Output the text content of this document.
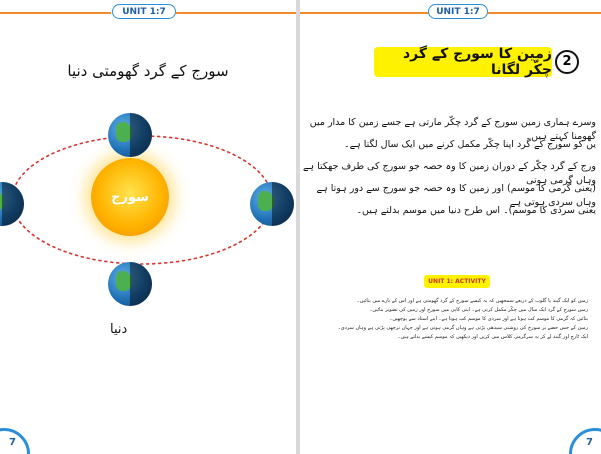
UNIT 1:7
سورج کے گرد گھومتی دنیا
سورج
دنیا
7
UNIT 1:7
زمین کا سورج کے گرد چکّر لگانا
2
وسرے ہماری زمین سورج کے گرد چکّر مارتی ہے جسے زمین کا مدار میں گھومنا کہتے ہیں۔
یں کو سورج کے گرد اپنا چکّر مکمل کرنے میں ایک سال لگتا ہے۔
ورج کے گرد چکّر کے دوران زمین کا وہ حصہ جو سورج کی طرف جھکتا ہے وہاں گرمی ہوتی
(یعنی گرمی کا موسم) اور زمین کا وہ حصہ جو سورج سے دور ہوتا ہے وہاں سردی ہوتی ہے
یعنی سردی کا موسم)۔ اس طرح دنیا میں موسم بدلتے ہیں۔
UNIT 1: ACTIVITY
زمین کو ایک گیند یا گلوب کے ذریعے سمجھیں کہ یہ کیسے سورج کے گرد گھومتی ہے اور اس کے بارے میں بتائیں۔
زمین سورج کے گرد ایک سال میں چکّر مکمل کرتی ہے۔ اپنی کاپی میں سورج اور زمین کی تصویر بنائیں۔
بتائیں کہ گرمی کا موسم کب ہوتا ہے اور سردی کا موسم کب ہوتا ہے۔ اپنے استاد سے پوچھیں۔
زمین کے جس حصے پر سورج کی روشنی سیدھی پڑتی ہے وہاں گرمی ہوتی ہے اور جہاں ترچھی پڑتی ہے وہاں سردی۔
ایک ٹارچ اور گیند لے کر یہ سرگرمی کلاس میں کریں اور دیکھیں کہ موسم کیسے بدلتے ہیں۔
7
